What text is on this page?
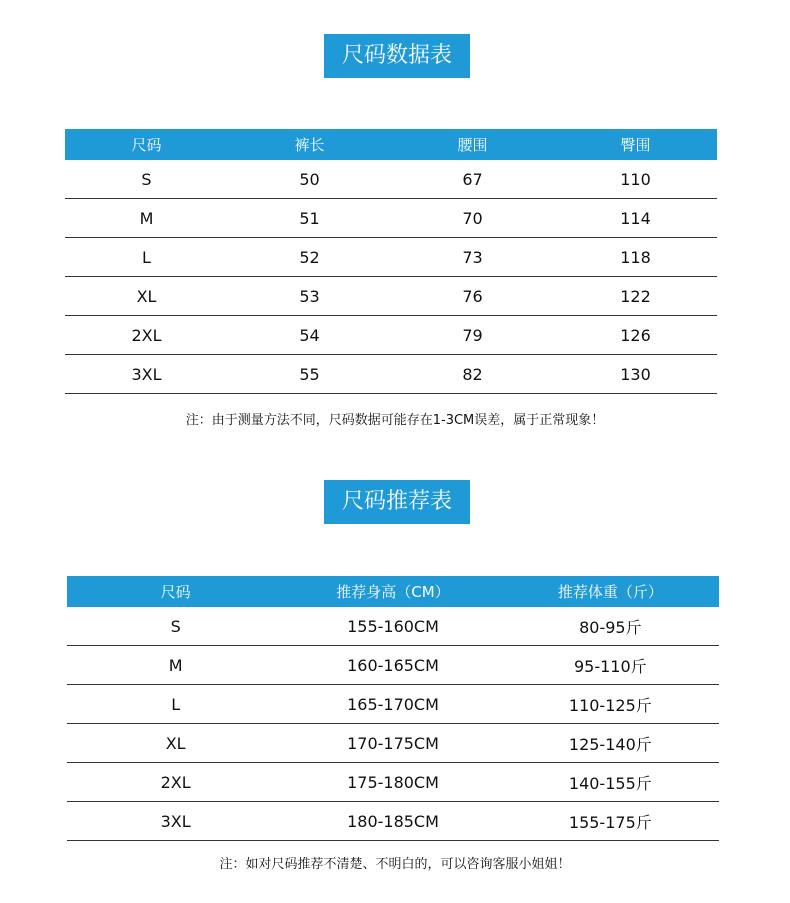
尺码数据表
尺码	裤长	腰围	臀围
S	50	67	110
M	51	70	114
L	52	73	118
XL	53	76	122
2XL	54	79	126
3XL	55	82	130
注：由于测量方法不同，尺码数据可能存在1-3CM误差，属于正常现象！
尺码推荐表
尺码	推荐身高（CM）	推荐体重（斤）
S	155-160CM	80-95斤
M	160-165CM	95-110斤
L	165-170CM	110-125斤
XL	170-175CM	125-140斤
2XL	175-180CM	140-155斤
3XL	180-185CM	155-175斤
注：如对尺码推荐不清楚、不明白的，可以咨询客服小姐姐！
